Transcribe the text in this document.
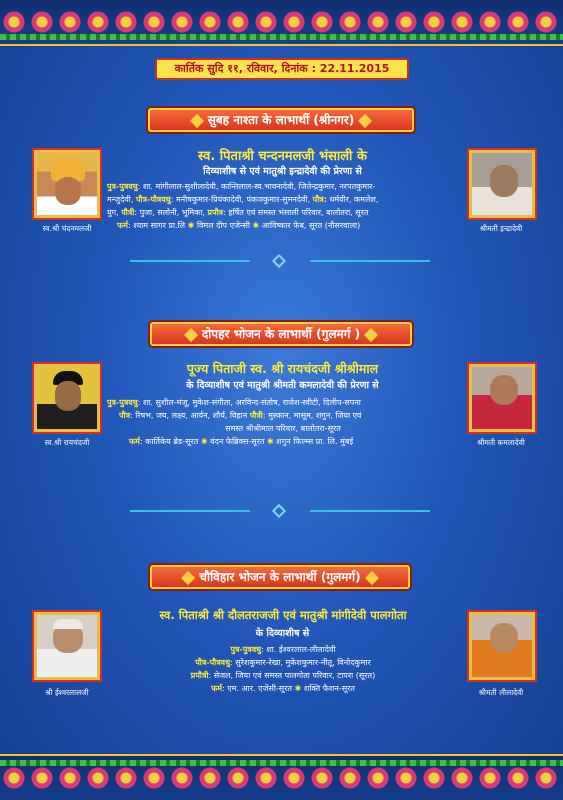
कार्तिक सुदि ११, रविवार, दिनांक : 22.11.2015
सुबह नाश्ता के लाभार्थी (श्रीनगर)
स्व.श्री चंदनमलजी	श्रीमती इन्द्रादेवी
स्व. पिताश्री चन्दनमलजी भंसाली के
दिव्याशीष से एवं मातुश्री इन्द्रादेवी की प्रेरणा से
पुत्र-पुत्रवधु: शा. मांगीलाल-सुशीलादेवी, कान्तिलाल-स्व.भावनादेवी, जितेन्द्रकुमार, नरपतकुमार-
मन्जुदेवी, पौत्र-पौत्रवधु: मनीषकुमार-प्रियंकादेवी, पंकजकुमार-सुमनदेवी, पौत्र: धर्मवीर, कमलेश,
युग, पौत्री: पुजा, सलोनी, भूमिका, प्रपौत्र: हर्षित एवं समस्त भंसाली परिवार, बालोतरा, सूरत
फर्म: श्याम सागर प्रा.लि ✱ विमल दीप एजेन्सी ✱ आविष्कार फेब, सूरत (नौसरवाला)
दोपहर भोजन के लाभार्थी (गुलमर्ग )
स्व.श्री रायचंदजी	श्रीमती कमलादेवी
पूज्य पिताजी स्व. श्री रायचंदजी श्रीश्रीमाल
के दिव्याशीष एवं मातुश्री श्रीमती कमलादेवी की प्रेरणा से
पुत्र-पुत्रवधु: शा. सुशील-मंजू, मुकेश-संगीता, अरविन्द-संतोष, राजेश-स्वीटी, दिलीप-सपना
पौत्र: रिषभ, जय, लक्ष्य, आर्यन, शौर्य, विहान पौत्री: मुस्कान, मासूम, शगुन, जिया एवं
समस्त श्रीश्रीमाल परिवार, बालोतरा-सूरत
फर्म: कार्तिकेय ब्रेड-सूरत ✱ वंदन फेब्रिक्स-सूरत ✱ शगुन फिल्म्स प्रा. लि. मुंबई
चौविहार भोजन के लाभार्थी (गुलमर्ग)
श्री ईश्वरलालजी	श्रीमती लीलादेवी
स्व. पिताश्री श्री दौलतराजजी एवं मातुश्री मांगीदेवी पालगोता
के दिव्याशीष से
पुत्र-पुत्रवधु: शा. ईश्वरलाल-लीलादेवी
पौत्र-पौत्रवधु: सुरेशकुमार-रेखा, मुकेशकुमार-नीतू, विनोदकुमार
प्रपौत्री: सेजल, जिया एवं समस्त पालगोता परिवार, टापरा (सूरत)
फर्म: एम. आर. एजेंसी-सूरत ✱ शक्ति फैशन-सूरत
